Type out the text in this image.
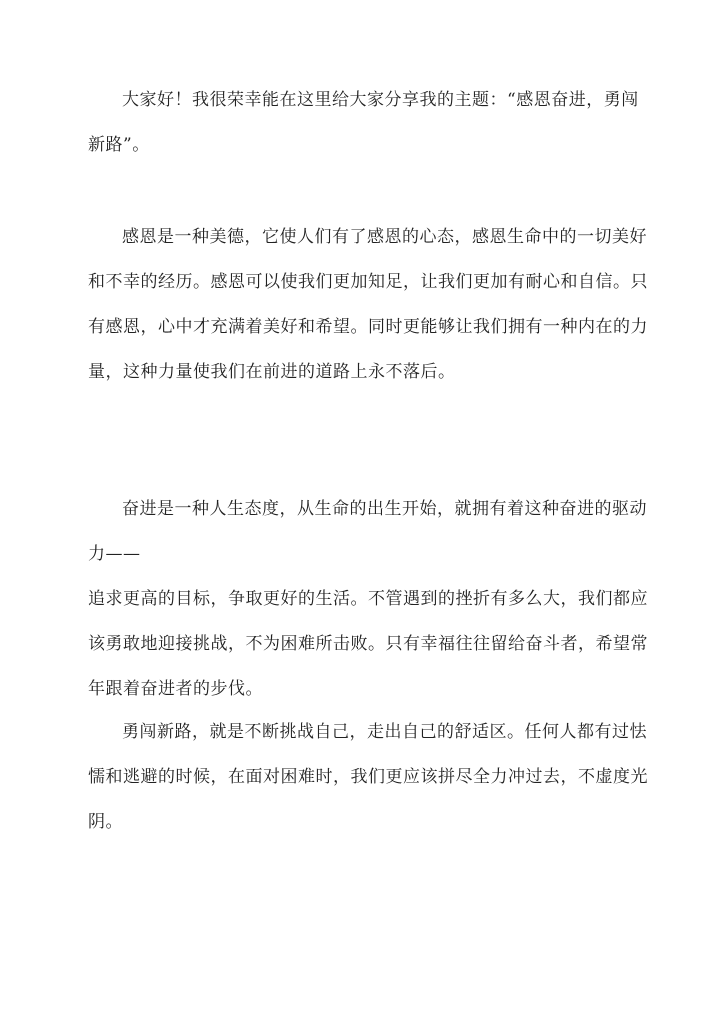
大家好！我很荣幸能在这里给大家分享我的主题：“感恩奋进，勇闯
新路”。

感恩是一种美德，它使人们有了感恩的心态，感恩生命中的一切美好
和不幸的经历。感恩可以使我们更加知足，让我们更加有耐心和自信。只
有感恩，心中才充满着美好和希望。同时更能够让我们拥有一种内在的力
量，这种力量使我们在前进的道路上永不落后。

奋进是一种人生态度，从生命的出生开始，就拥有着这种奋进的驱动
力——
追求更高的目标，争取更好的生活。不管遇到的挫折有多么大，我们都应
该勇敢地迎接挑战，不为困难所击败。只有幸福往往留给奋斗者，希望常
年跟着奋进者的步伐。

勇闯新路，就是不断挑战自己，走出自己的舒适区。任何人都有过怯
懦和逃避的时候，在面对困难时，我们更应该拼尽全力冲过去，不虚度光
阴。
